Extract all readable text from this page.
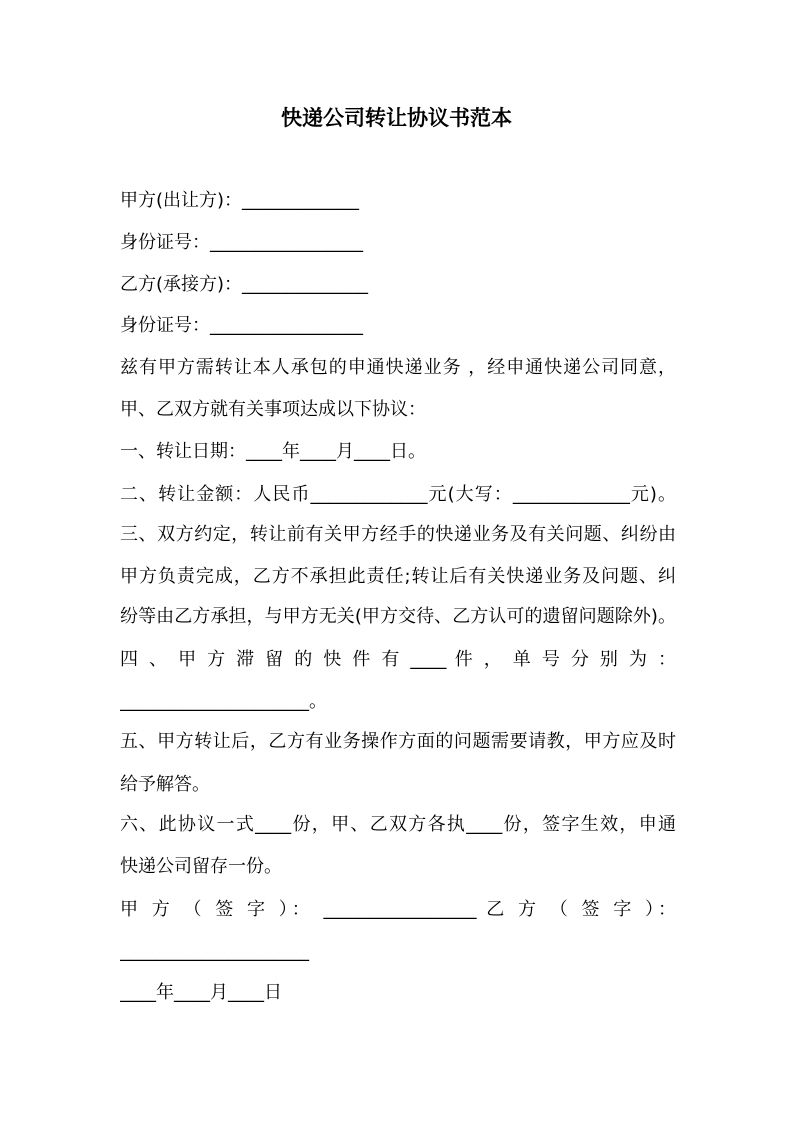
快递公司转让协议书范本
甲方(出让方)：_____________
身份证号：_________________
乙方(承接方)：______________
身份证号：_________________
兹有甲方需转让本人承包的申通快递业务 ，经申通快递公司同意，
甲、乙双方就有关事项达成以下协议：
一、转让日期：____年____月____日。
二、转让金额：人民币_____________元(大写：_____________元)。
三、双方约定，转让前有关甲方经手的快递业务及有关问题、纠纷由
甲方负责完成，乙方不承担此责任;转让后有关快递业务及问题、纠
纷等由乙方承担，与甲方无关(甲方交待、乙方认可的遗留问题除外)。
四 、 甲 方 滞 留 的 快 件 有 ____ 件 ， 单 号 分 别 为 ：
_____________________。
五、甲方转让后，乙方有业务操作方面的问题需要请教，甲方应及时
给予解答。
六、此协议一式____份，甲、乙双方各执____份，签字生效，申通
快递公司留存一份。
甲 方 （ 签 字 ）： _________________ 乙 方 （ 签 字 ）：
_____________________
____年____月____日
